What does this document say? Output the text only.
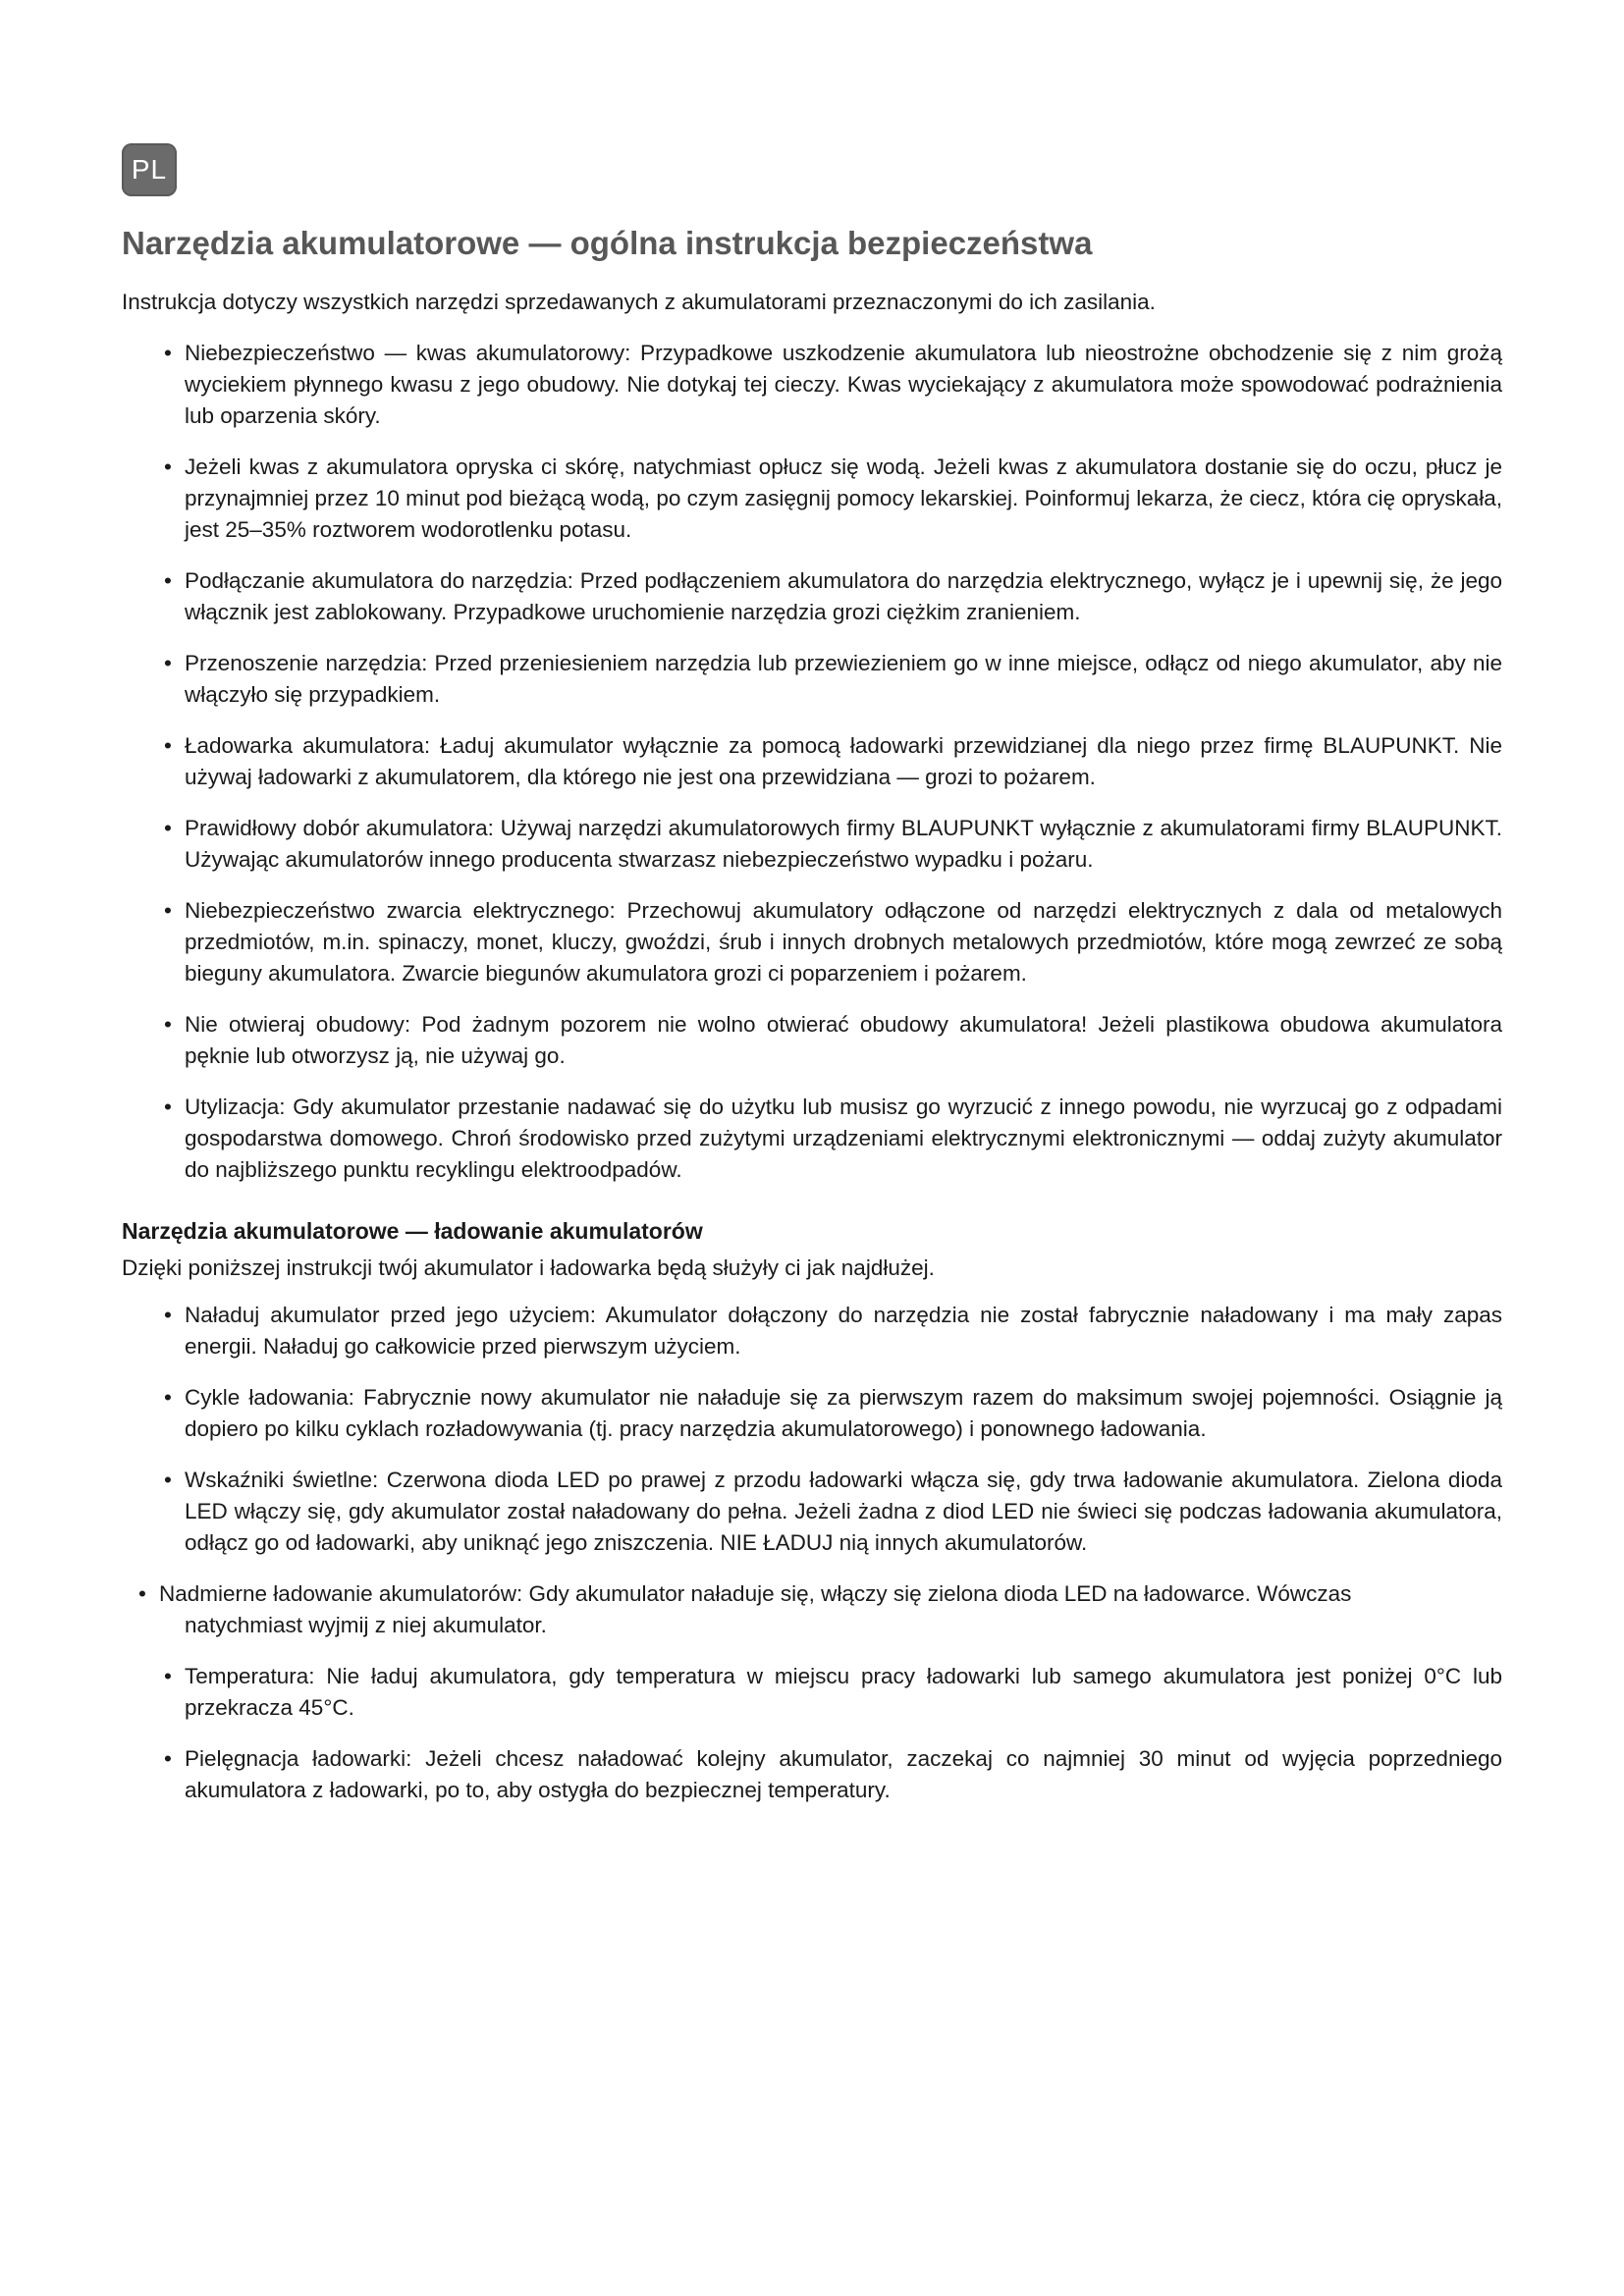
PL
Narzędzia akumulatorowe — ogólna instrukcja bezpieczeństwa

Instrukcja dotyczy wszystkich narzędzi sprzedawanych z akumulatorami przeznaczonymi do ich zasilania.

• Niebezpieczeństwo — kwas akumulatorowy: Przypadkowe uszkodzenie akumulatora lub nieostrożne obchodzenie się z nim grożą wyciekiem płynnego kwasu z jego obudowy. Nie dotykaj tej cieczy. Kwas wyciekający z akumulatora może spowodować podrażnienia lub oparzenia skóry.
• Jeżeli kwas z akumulatora opryska ci skórę, natychmiast opłucz się wodą. Jeżeli kwas z akumulatora dostanie się do oczu, płucz je przynajmniej przez 10 minut pod bieżącą wodą, po czym zasięgnij pomocy lekarskiej. Poinformuj lekarza, że ciecz, która cię opryskała, jest 25–35% roztworem wodorotlenku potasu.
• Podłączanie akumulatora do narzędzia: Przed podłączeniem akumulatora do narzędzia elektrycznego, wyłącz je i upewnij się, że jego włącznik jest zablokowany. Przypadkowe uruchomienie narzędzia grozi ciężkim zranieniem.
• Przenoszenie narzędzia: Przed przeniesieniem narzędzia lub przewiezieniem go w inne miejsce, odłącz od niego akumulator, aby nie włączyło się przypadkiem.
• Ładowarka akumulatora: Ładuj akumulator wyłącznie za pomocą ładowarki przewidzianej dla niego przez firmę BLAUPUNKT. Nie używaj ładowarki z akumulatorem, dla którego nie jest ona przewidziana — grozi to pożarem.
• Prawidłowy dobór akumulatora: Używaj narzędzi akumulatorowych firmy BLAUPUNKT wyłącznie z akumulatorami firmy BLAUPUNKT. Używając akumulatorów innego producenta stwarzasz niebezpieczeństwo wypadku i pożaru.
• Niebezpieczeństwo zwarcia elektrycznego: Przechowuj akumulatory odłączone od narzędzi elektrycznych z dala od metalowych przedmiotów, m.in. spinaczy, monet, kluczy, gwoździ, śrub i innych drobnych metalowych przedmiotów, które mogą zewrzeć ze sobą bieguny akumulatora. Zwarcie biegunów akumulatora grozi ci poparzeniem i pożarem.
• Nie otwieraj obudowy: Pod żadnym pozorem nie wolno otwierać obudowy akumulatora! Jeżeli plastikowa obudowa akumulatora pęknie lub otworzysz ją, nie używaj go.
• Utylizacja: Gdy akumulator przestanie nadawać się do użytku lub musisz go wyrzucić z innego powodu, nie wyrzucaj go z odpadami gospodarstwa domowego. Chroń środowisko przed zużytymi urządzeniami elektrycznymi elektronicznymi — oddaj zużyty akumulator do najbliższego punktu recyklingu elektroodpadów.
Narzędzia akumulatorowe — ładowanie akumulatorów

Dzięki poniższej instrukcji twój akumulator i ładowarka będą służyły ci jak najdłużej.

• Naładuj akumulator przed jego użyciem: Akumulator dołączony do narzędzia nie został fabrycznie naładowany i ma mały zapas energii. Naładuj go całkowicie przed pierwszym użyciem.
• Cykle ładowania: Fabrycznie nowy akumulator nie naładuje się za pierwszym razem do maksimum swojej pojemności. Osiągnie ją dopiero po kilku cyklach rozładowywania (tj. pracy narzędzia akumulatorowego) i ponownego ładowania.
• Wskaźniki świetlne: Czerwona dioda LED po prawej z przodu ładowarki włącza się, gdy trwa ładowanie akumulatora. Zielona dioda LED włączy się, gdy akumulator został naładowany do pełna. Jeżeli żadna z diod LED nie świeci się podczas ładowania akumulatora, odłącz go od ładowarki, aby uniknąć jego zniszczenia. NIE ŁADUJ nią innych akumulatorów.
• Nadmierne ładowanie akumulatorów: Gdy akumulator naładuje się, włączy się zielona dioda LED na ładowarce. Wówczas
natychmiast wyjmij z niej akumulator.
• Temperatura: Nie ładuj akumulatora, gdy temperatura w miejscu pracy ładowarki lub samego akumulatora jest poniżej 0°C lub przekracza 45°C.
• Pielęgnacja ładowarki: Jeżeli chcesz naładować kolejny akumulator, zaczekaj co najmniej 30 minut od wyjęcia poprzedniego akumulatora z ładowarki, po to, aby ostygła do bezpiecznej temperatury.
